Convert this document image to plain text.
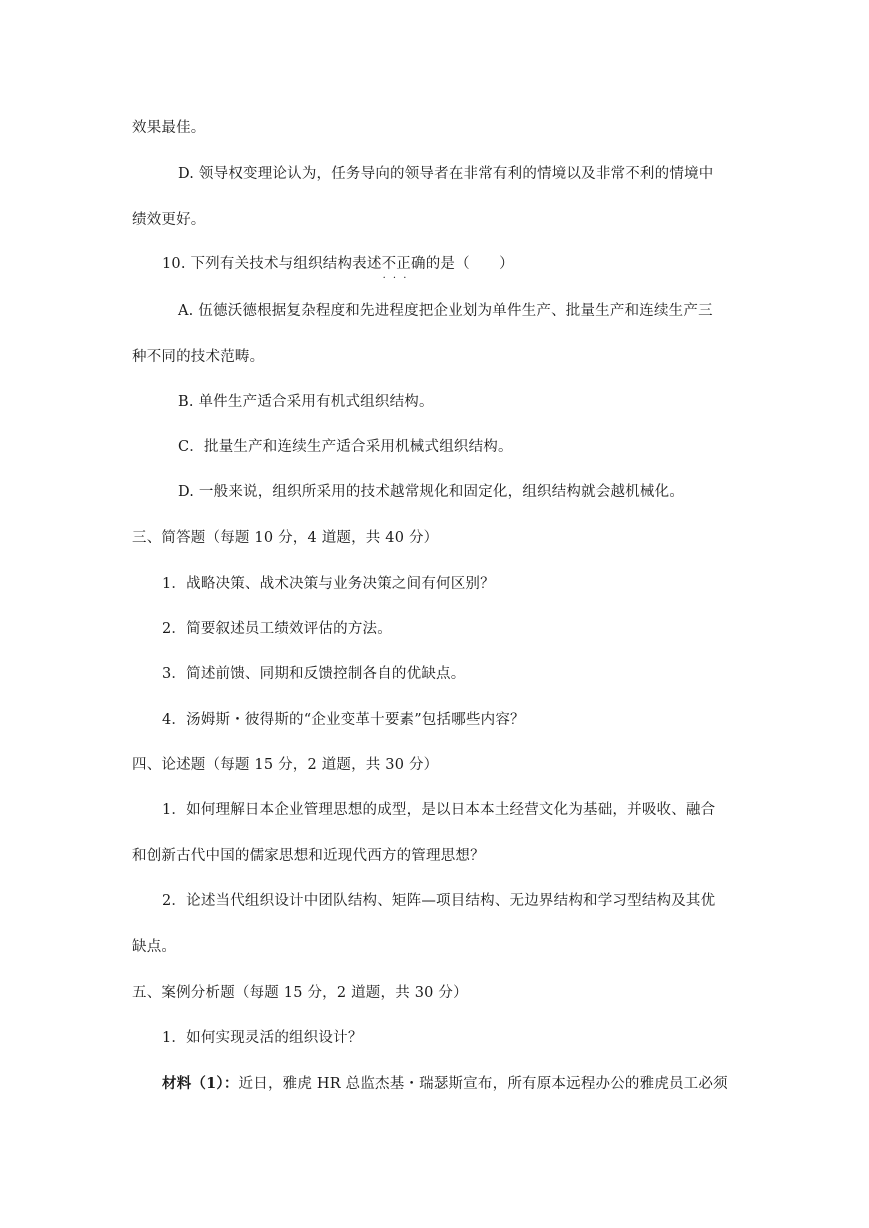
效果最佳。
D. 领导权变理论认为，任务导向的领导者在非常有利的情境以及非常不利的情境中
绩效更好。
10. 下列有关技术与组织结构表述不正确 · · ·的是（　　）
A. 伍德沃德根据复杂程度和先进程度把企业划为单件生产、批量生产和连续生产三
种不同的技术范畴。
B. 单件生产适合采用有机式组织结构。
C．批量生产和连续生产适合采用机械式组织结构。
D. 一般来说，组织所采用的技术越常规化和固定化，组织结构就会越机械化。
三、简答题（每题 10 分，4 道题，共 40 分）
1．战略决策、战术决策与业务决策之间有何区别？
2．简要叙述员工绩效评估的方法。
3．简述前馈、同期和反馈控制各自的优缺点。
4．汤姆斯・彼得斯的“企业变革十要素”包括哪些内容？
四、论述题（每题 15 分，2 道题，共 30 分）
1．如何理解日本企业管理思想的成型，是以日本本土经营文化为基础，并吸收、融合
和创新古代中国的儒家思想和近现代西方的管理思想？
2．论述当代组织设计中团队结构、矩阵—项目结构、无边界结构和学习型结构及其优
缺点。
五、案例分析题（每题 15 分，2 道题，共 30 分）
1．如何实现灵活的组织设计？
材料（1）：近日，雅虎 HR 总监杰基・瑞瑟斯宣布，所有原本远程办公的雅虎员工必须
